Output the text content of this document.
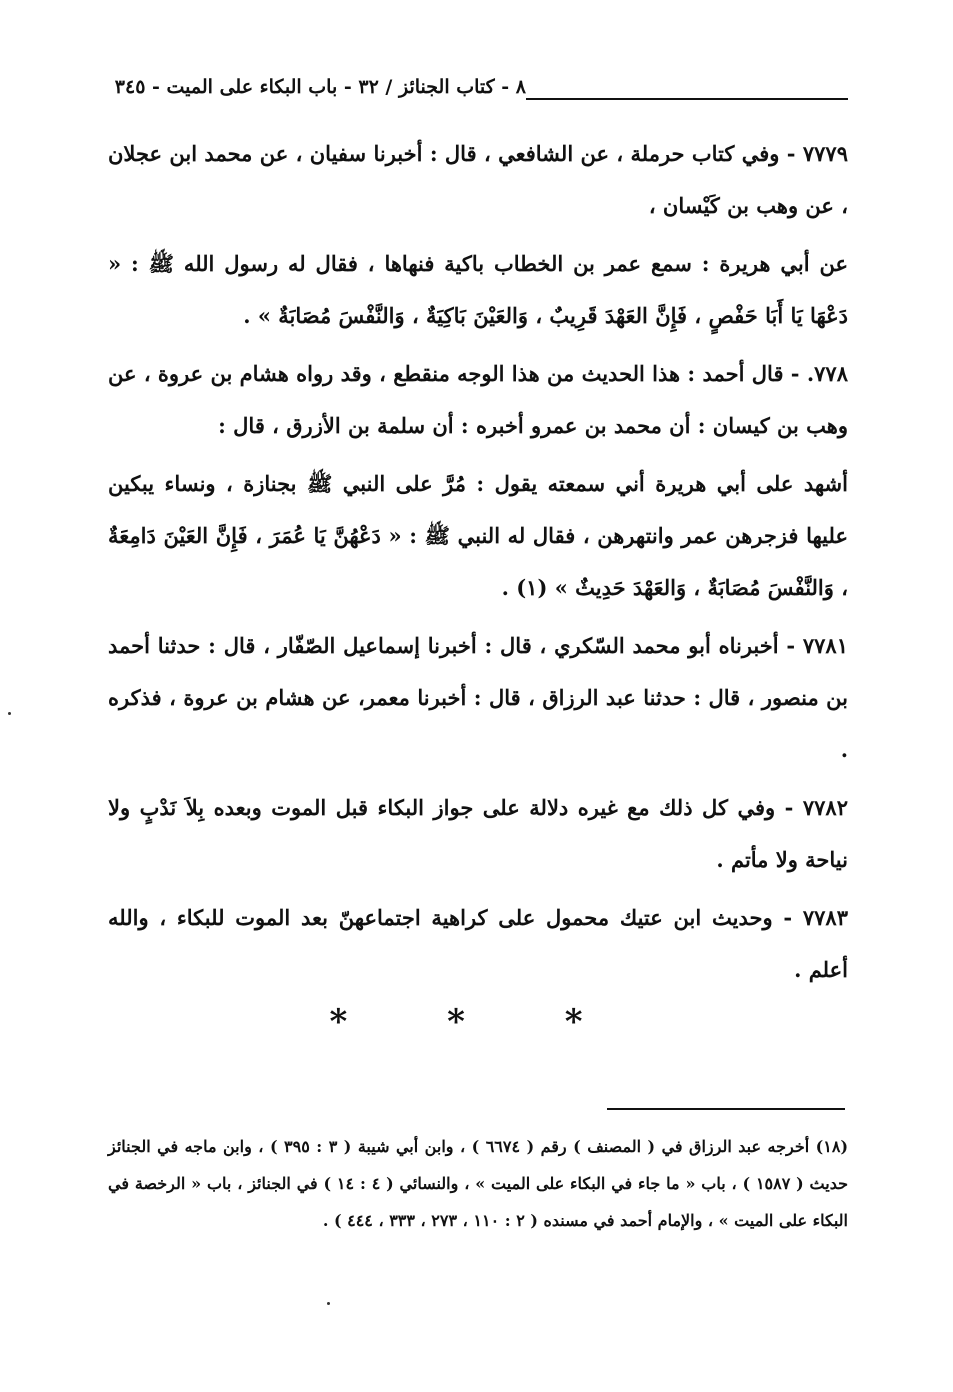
٨ - كتاب الجنائز / ٣٢ - باب البكاء على الميت - ٣٤٥

٧٧٧٩ - وفي كتاب حرملة ، عن الشافعي ، قال : أخبرنا سفيان ، عن محمد ابن عجلان ، عن وهب بن كَيْسان ،

عن أبي هريرة : سمع عمر بن الخطاب باكية فنهاها ، فقال له رسول الله ﷺ : « دَعْهَا يَا أَبَا حَفْصٍ ، فَإِنَّ العَهْدَ قَرِيبٌ ، وَالعَيْنَ بَاكِيَةٌ ، وَالنَّفْسَ مُصَابَةٌ » .

٧٧٨. - قال أحمد : هذا الحديث من هذا الوجه منقطع ، وقد رواه هشام بن عروة ، عن وهب بن كيسان : أن محمد بن عمرو أخبره : أن سلمة بن الأزرق ، قال :

أشهد على أبي هريرة أني سمعته يقول : مُرَّ على النبي ﷺ بجنازة ، ونساء يبكين عليها فزجرهن عمر وانتهرهن ، فقال له النبي ﷺ : « دَعْهُنَّ يَا عُمَرَ ، فَإِنَّ العَيْنَ دَامِعَةٌ ، وَالنَّفْسَ مُصَابَةٌ ، وَالعَهْدَ حَدِيثٌ » (١) .

٧٧٨١ - أخبرناه أبو محمد السّكري ، قال : أخبرنا إسماعيل الصّفّار ، قال : حدثنا أحمد بن منصور ، قال : حدثنا عبد الرزاق ، قال : أخبرنا معمر، عن هشام بن عروة ، فذكره .

٧٧٨٢ - وفي كل ذلك مع غيره دلالة على جواز البكاء قبل الموت وبعده بِلاَ نَدْبٍ ولا نياحة ولا مأتم .

٧٧٨٣ - وحديث ابن عتيك محمول على كراهية اجتماعهنّ بعد الموت للبكاء ، والله أعلم .

* * *
(١٨) أخرجه عبد الرزاق في ( المصنف ) رقم ( ٦٦٧٤ ) ، وابن أبي شيبة ( ٣ : ٣٩٥ ) ، وابن ماجه في الجنائز حديث ( ١٥٨٧ ) ، باب « ما جاء في البكاء على الميت » ، والنسائي ( ٤ : ١٤ ) في الجنائز ، باب « الرخصة في البكاء على الميت » ، والإمام أحمد في مسنده ( ٢ : ١١٠ ، ٢٧٣ ، ٣٣٣ ، ٤٤٤ ) .
